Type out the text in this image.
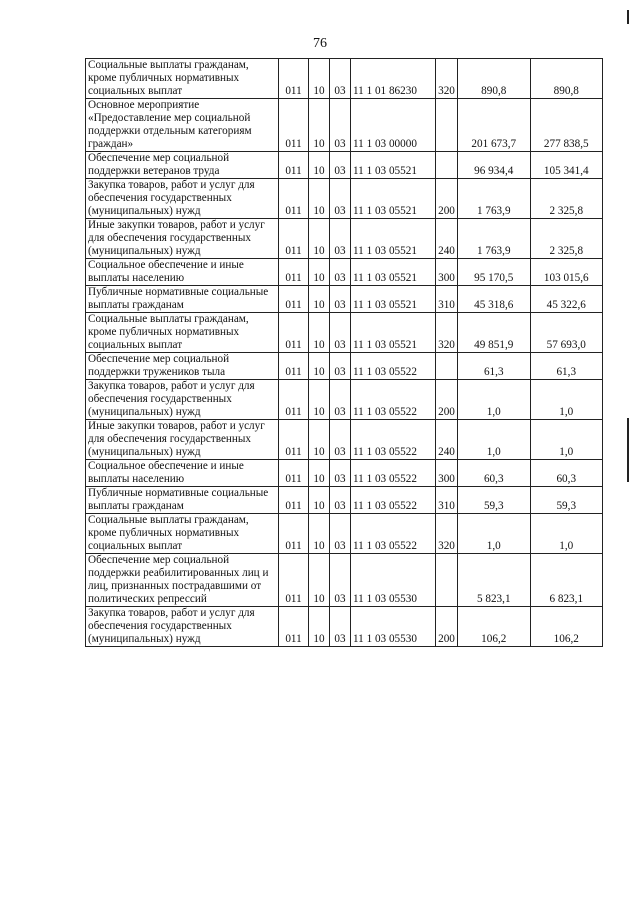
76
Социальные выплаты гражданам, кроме публичных нормативных социальных выплат	011	10	03	11 1 01 86230	320	890,8	890,8
Основное мероприятие «Предоставление мер социальной поддержки отдельным категориям граждан»	011	10	03	11 1 03 00000		201 673,7	277 838,5
Обеспечение мер социальной поддержки ветеранов труда	011	10	03	11 1 03 05521		96 934,4	105 341,4
Закупка товаров, работ и услуг для обеспечения государственных (муниципальных) нужд	011	10	03	11 1 03 05521	200	1 763,9	2 325,8
Иные закупки товаров, работ и услуг для обеспечения государственных (муниципальных) нужд	011	10	03	11 1 03 05521	240	1 763,9	2 325,8
Социальное обеспечение и иные выплаты населению	011	10	03	11 1 03 05521	300	95 170,5	103 015,6
Публичные нормативные социальные выплаты гражданам	011	10	03	11 1 03 05521	310	45 318,6	45 322,6
Социальные выплаты гражданам, кроме публичных нормативных социальных выплат	011	10	03	11 1 03 05521	320	49 851,9	57 693,0
Обеспечение мер социальной поддержки тружеников тыла	011	10	03	11 1 03 05522		61,3	61,3
Закупка товаров, работ и услуг для обеспечения государственных (муниципальных) нужд	011	10	03	11 1 03 05522	200	1,0	1,0
Иные закупки товаров, работ и услуг для обеспечения государственных (муниципальных) нужд	011	10	03	11 1 03 05522	240	1,0	1,0
Социальное обеспечение и иные выплаты населению	011	10	03	11 1 03 05522	300	60,3	60,3
Публичные нормативные социальные выплаты гражданам	011	10	03	11 1 03 05522	310	59,3	59,3
Социальные выплаты гражданам, кроме публичных нормативных социальных выплат	011	10	03	11 1 03 05522	320	1,0	1,0
Обеспечение мер социальной поддержки реабилитированных лиц и лиц, признанных пострадавшими от политических репрессий	011	10	03	11 1 03 05530		5 823,1	6 823,1
Закупка товаров, работ и услуг для обеспечения государственных (муниципальных) нужд	011	10	03	11 1 03 05530	200	106,2	106,2
